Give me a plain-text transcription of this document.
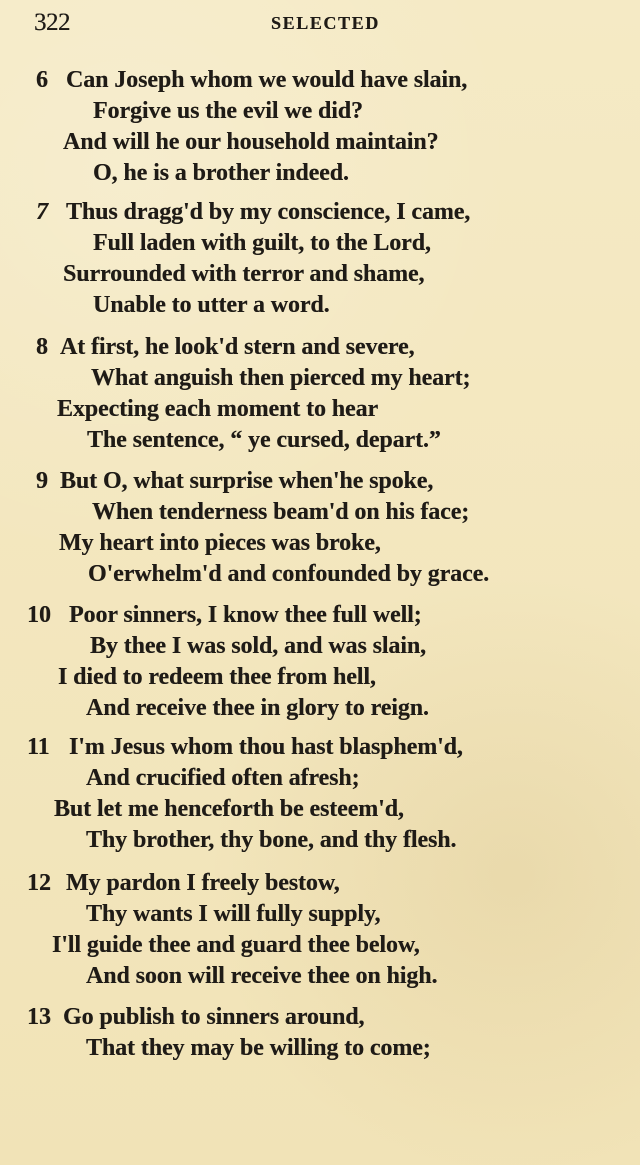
322	SELECTED
6 Can Joseph whom we would have slain,
Forgive us the evil we did?
And will he our household maintain?
O, he is a brother indeed.
7 Thus dragg'd by my conscience, I came,
Full laden with guilt, to the Lord,
Surrounded with terror and shame,
Unable to utter a word.
8 At first, he look'd stern and severe,
What anguish then pierced my heart;
Expecting each moment to hear
The sentence, “ ye cursed, depart.”
9 But O, what surprise when'he spoke,
When tenderness beam'd on his face;
My heart into pieces was broke,
O'erwhelm'd and confounded by grace.
10 Poor sinners, I know thee full well;
By thee I was sold, and was slain,
I died to redeem thee from hell,
And receive thee in glory to reign.
11 I'm Jesus whom thou hast blasphem'd,
And crucified often afresh;
But let me henceforth be esteem'd,
Thy brother, thy bone, and thy flesh.
12 My pardon I freely bestow,
Thy wants I will fully supply,
I'll guide thee and guard thee below,
And soon will receive thee on high.
13 Go publish to sinners around,
That they may be willing to come;
